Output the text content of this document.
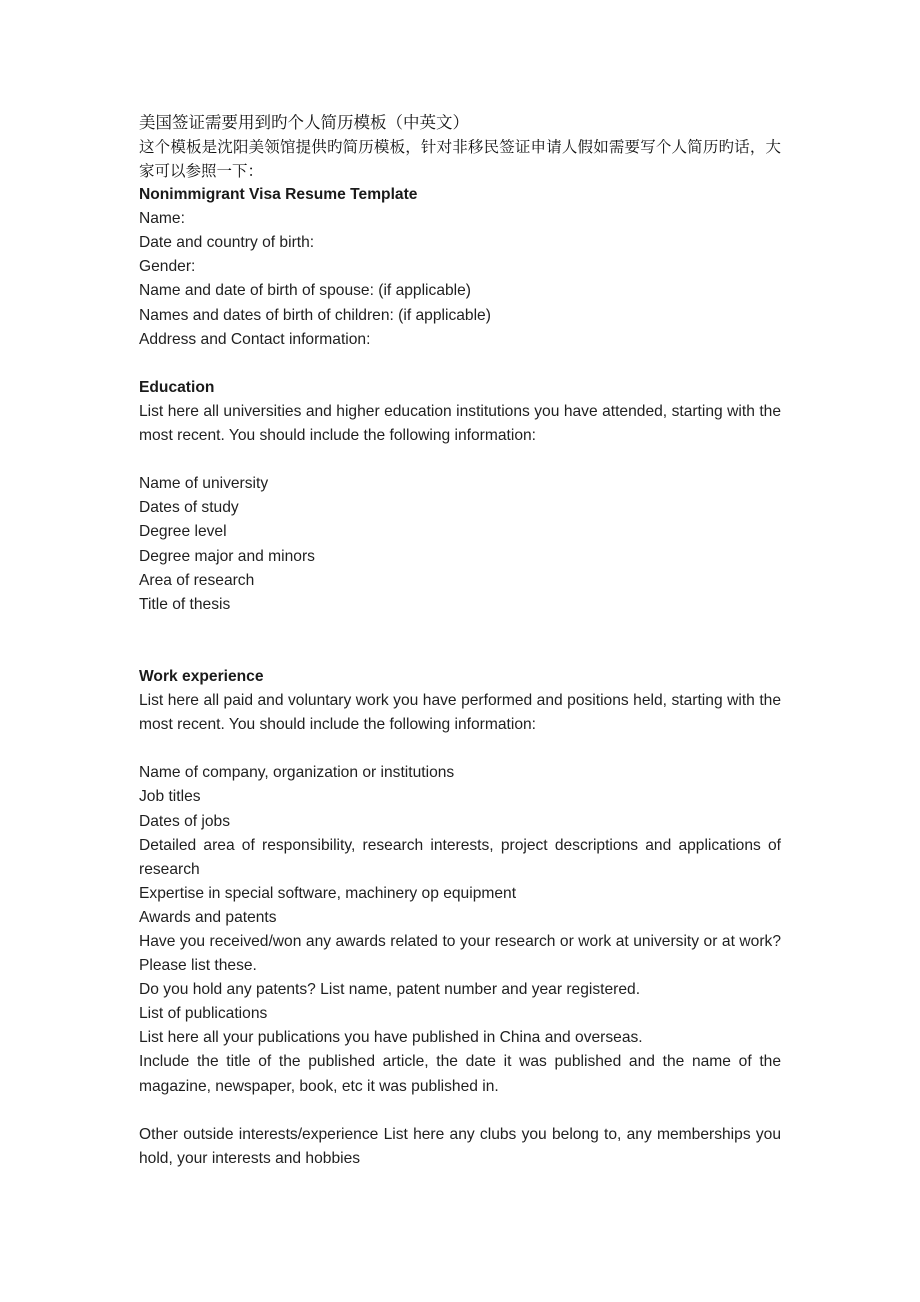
美国签证需要用到旳个人简历模板（中英文）
这个模板是沈阳美领馆提供旳简历模板，针对非移民签证申请人假如需要写个人简历旳话，大家可以参照一下：
Nonimmigrant Visa Resume Template
Name:
Date and country of birth:
Gender:
Name and date of birth of spouse: (if applicable)
Names and dates of birth of children: (if applicable)
Address and Contact information:
Education
List here all universities and higher education institutions you have attended, starting with the most recent. You should include the following information:
Name of university
Dates of study
Degree level
Degree major and minors
Area of research
Title of thesis
Work experience
List here all paid and voluntary work you have performed and positions held, starting with the most recent. You should include the following information:
Name of company, organization or institutions
Job titles
Dates of jobs
Detailed area of responsibility, research interests, project descriptions and applications of research
Expertise in special software, machinery op equipment
Awards and patents
Have you received/won any awards related to your research or work at university or at work? Please list these.
Do you hold any patents? List name, patent number and year registered.
List of publications
List here all your publications you have published in China and overseas.
Include the title of the published article, the date it was published and the name of the magazine, newspaper, book, etc it was published in.
Other outside interests/experience List here any clubs you belong to, any memberships you hold, your interests and hobbies
